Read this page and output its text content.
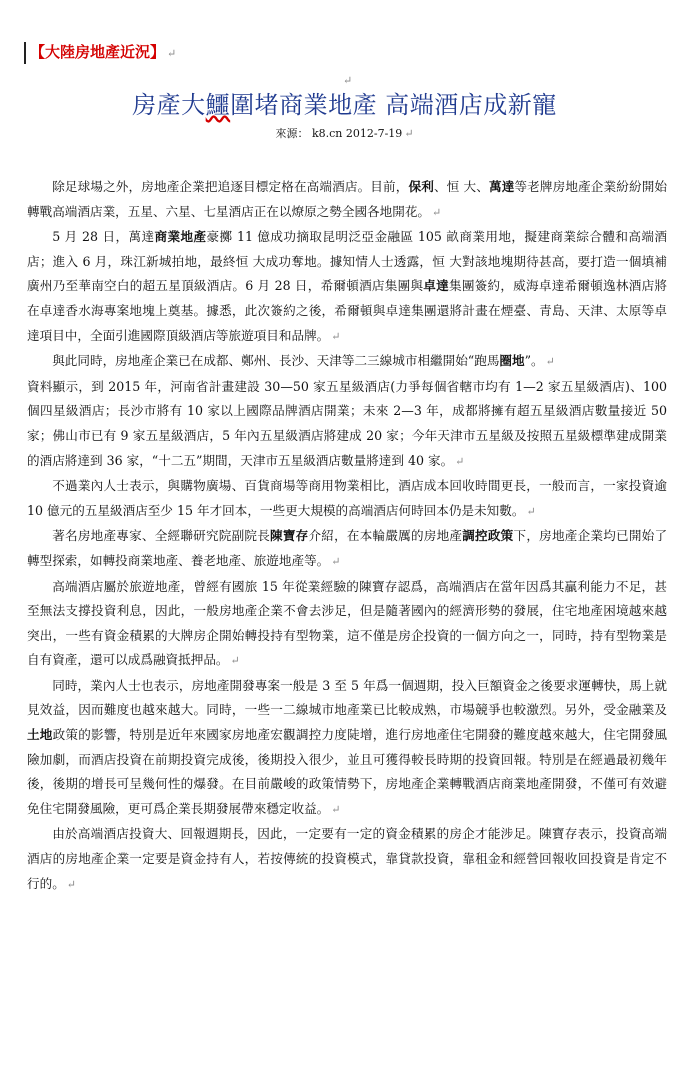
【大陸房地產近況】 ↵
↵
房產大鱷圍堵商業地產 高端酒店成新寵
來源： k8.cn 2012-7-19 ↵

除足球場之外，房地產企業把追逐目標定格在高端酒店。目前，保利、恒 大、萬達等老牌房地產企業紛紛開始轉戰高端酒店業，五星、六星、七星酒店正在以燎原之勢全國各地開花。 ↵

5 月 28 日，萬達商業地產豪擲 11 億成功摘取昆明泛亞金融區 105 畝商業用地，擬建商業綜合體和高端酒店；進入 6 月，珠江新城拍地，最終恒 大成功奪地。據知情人士透露，恒 大對該地塊期待甚高，要打造一個填補廣州乃至華南空白的超五星頂級酒店。6 月 28 日，希爾頓酒店集團與卓達集團簽約，威海卓達希爾頓逸林酒店將在卓達香水海專案地塊上奠基。據悉，此次簽約之後，希爾頓與卓達集團還將計畫在煙臺、青島、天津、太原等卓達項目中，全面引進國際頂級酒店等旅遊項目和品牌。 ↵

與此同時，房地產企業已在成都、鄭州、長沙、天津等二三線城市相繼開始“跑馬圈地”。 ↵

資料顯示，到 2015 年，河南省計畫建設 30—50 家五星級酒店(力爭每個省轄市均有 1—2 家五星級酒店)、100 個四星級酒店；長沙市將有 10 家以上國際品牌酒店開業；未來 2—3 年，成都將擁有超五星級酒店數量接近 50 家；佛山市已有 9 家五星級酒店，5 年內五星級酒店將建成 20 家；今年天津市五星級及按照五星級標準建成開業的酒店將達到 36 家，“十二五”期間，天津市五星級酒店數量將達到 40 家。 ↵

不過業內人士表示，與購物廣場、百貨商場等商用物業相比，酒店成本回收時間更長，一般而言，一家投資逾 10 億元的五星級酒店至少 15 年才回本，一些更大規模的高端酒店何時回本仍是未知數。 ↵

著名房地產專家、全經聯研究院副院長陳寶存介紹，在本輪嚴厲的房地產調控政策下，房地產企業均已開始了轉型探索，如轉投商業地產、養老地產、旅遊地產等。 ↵

高端酒店屬於旅遊地產，曾經有國旅 15 年從業經驗的陳寶存認爲，高端酒店在當年因爲其贏利能力不足，甚至無法支撐投資利息，因此，一般房地產企業不會去涉足，但是隨著國內的經濟形勢的發展，住宅地產困境越來越突出，一些有資金積累的大牌房企開始轉投持有型物業，這不僅是房企投資的一個方向之一，同時，持有型物業是自有資產，還可以成爲融資抵押品。 ↵

同時，業內人士也表示，房地產開發專案一般是 3 至 5 年爲一個週期，投入巨額資金之後要求運轉快，馬上就見效益，因而難度也越來越大。同時，一些一二線城市地產業已比較成熟，市場競爭也較激烈。另外，受金融業及土地政策的影響，特別是近年來國家房地產宏觀調控力度陡增，進行房地產住宅開發的難度越來越大，住宅開發風險加劇，而酒店投資在前期投資完成後，後期投入很少，並且可獲得較長時期的投資回報。特別是在經過最初幾年後，後期的增長可呈幾何性的爆發。在目前嚴峻的政策情勢下，房地產企業轉戰酒店商業地產開發，不僅可有效避免住宅開發風險，更可爲企業長期發展帶來穩定收益。 ↵

由於高端酒店投資大、回報週期長，因此，一定要有一定的資金積累的房企才能涉足。陳寶存表示，投資高端酒店的房地產企業一定要是資金持有人，若按傳統的投資模式，靠貸款投資，靠租金和經營回報收回投資是肯定不行的。 ↵
